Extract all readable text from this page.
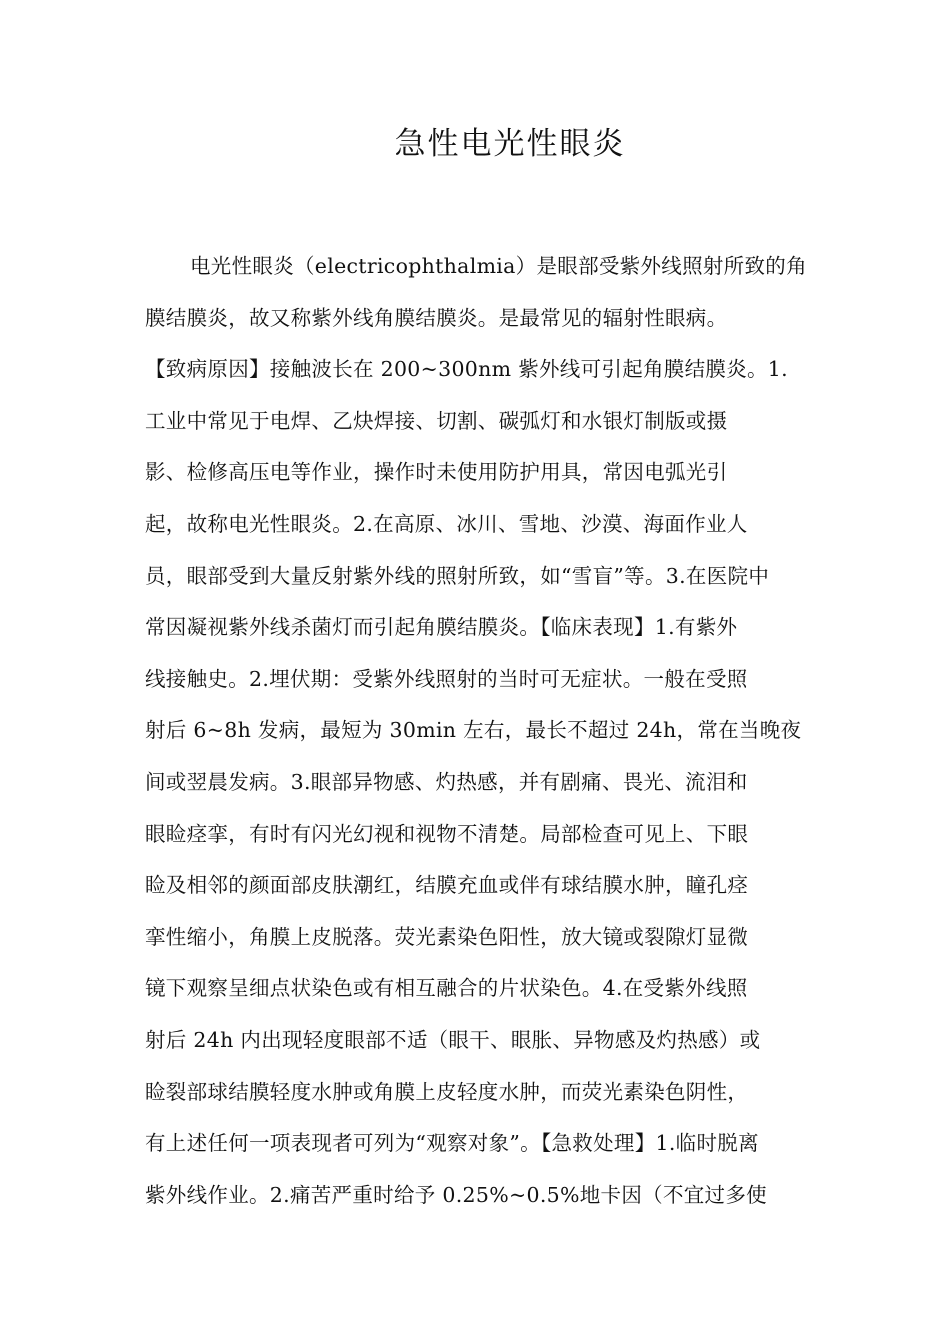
急性电光性眼炎
电光性眼炎（electricophthalmia）是眼部受紫外线照射所致的角
膜结膜炎，故又称紫外线角膜结膜炎。是最常见的辐射性眼病。
【致病原因】接触波长在 200~300nm 紫外线可引起角膜结膜炎。1.
工业中常见于电焊、乙炔焊接、切割、碳弧灯和水银灯制版或摄
影、检修高压电等作业，操作时未使用防护用具，常因电弧光引
起，故称电光性眼炎。2.在高原、冰川、雪地、沙漠、海面作业人
员，眼部受到大量反射紫外线的照射所致，如“雪盲”等。3.在医院中
常因凝视紫外线杀菌灯而引起角膜结膜炎。【临床表现】1.有紫外
线接触史。2.埋伏期：受紫外线照射的当时可无症状。一般在受照
射后 6~8h 发病，最短为 30min 左右，最长不超过 24h，常在当晚夜
间或翌晨发病。3.眼部异物感、灼热感，并有剧痛、畏光、流泪和
眼睑痉挛，有时有闪光幻视和视物不清楚。局部检查可见上、下眼
睑及相邻的颜面部皮肤潮红，结膜充血或伴有球结膜水肿，瞳孔痉
挛性缩小，角膜上皮脱落。荧光素染色阳性，放大镜或裂隙灯显微
镜下观察呈细点状染色或有相互融合的片状染色。4.在受紫外线照
射后 24h 内出现轻度眼部不适（眼干、眼胀、异物感及灼热感）或
睑裂部球结膜轻度水肿或角膜上皮轻度水肿，而荧光素染色阴性，
有上述任何一项表现者可列为“观察对象”。【急救处理】1.临时脱离
紫外线作业。2.痛苦严重时给予 0.25%~0.5%地卡因（不宜过多使
